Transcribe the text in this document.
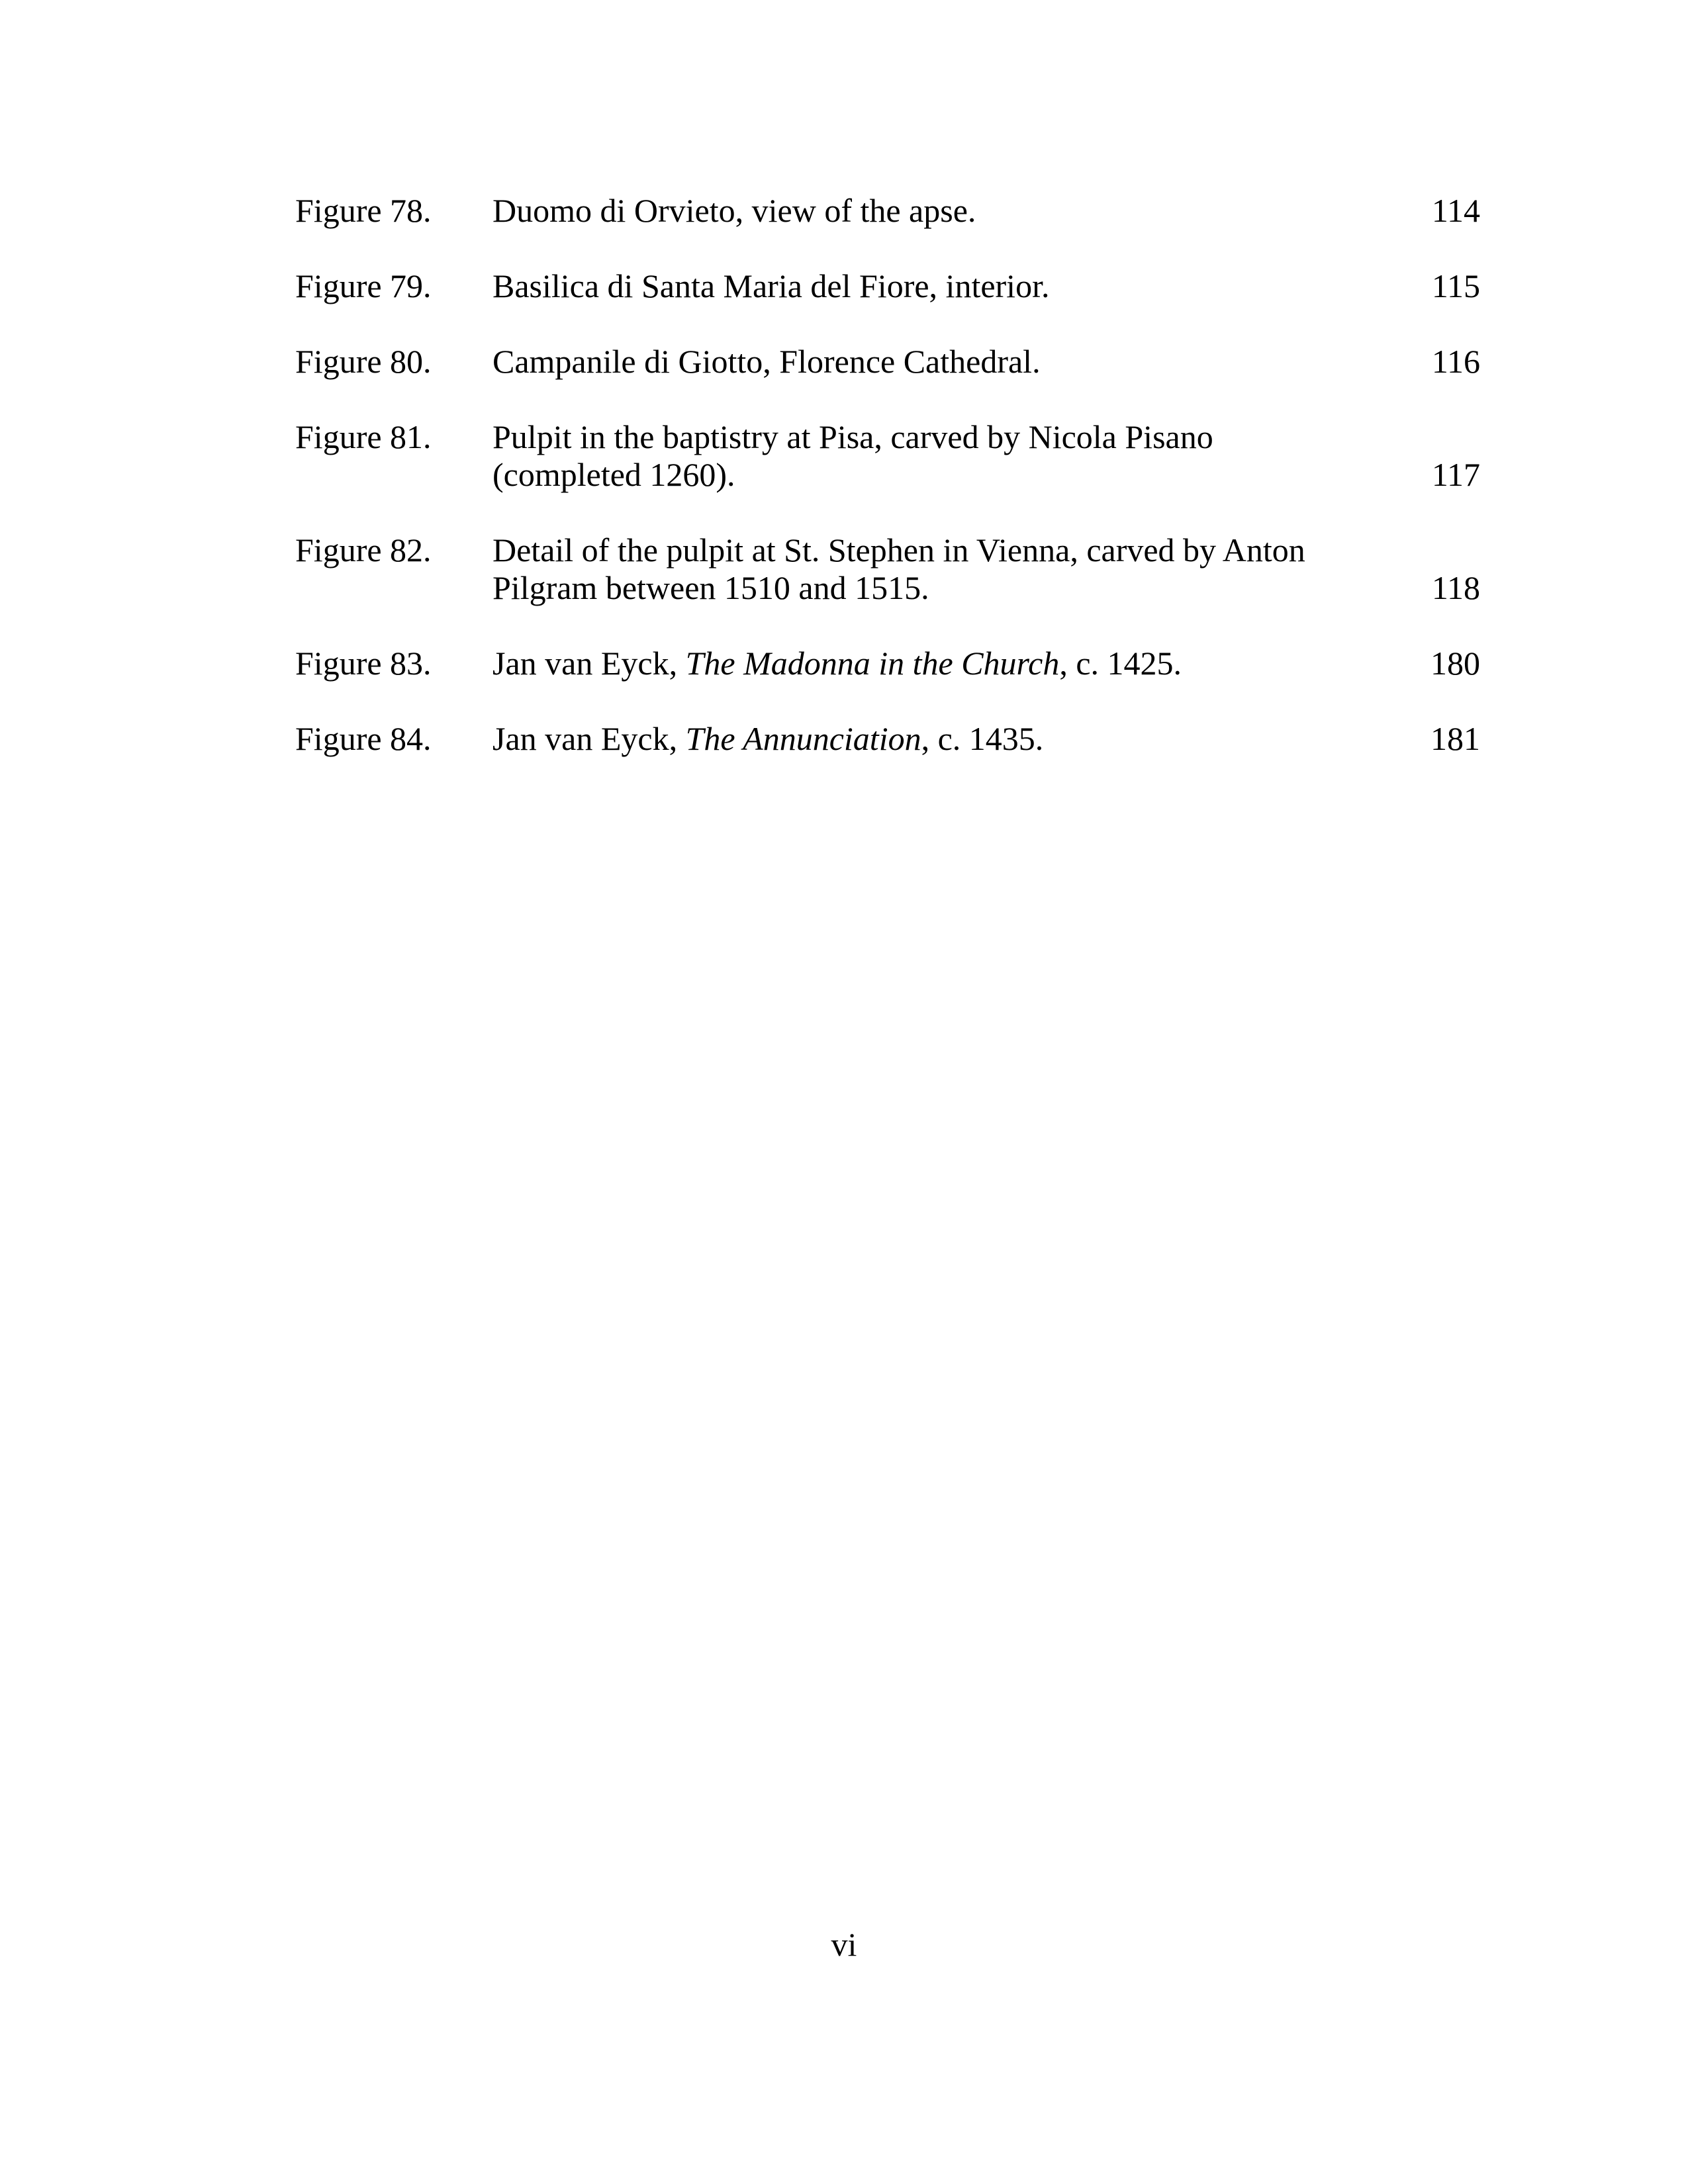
Figure 78. Duomo di Orvieto, view of the apse.	114
Figure 79. Basilica di Santa Maria del Fiore, interior.	115
Figure 80. Campanile di Giotto, Florence Cathedral.	116
Figure 81. Pulpit in the baptistry at Pisa, carved by Nicola Pisano
(completed 1260).	117
Figure 82. Detail of the pulpit at St. Stephen in Vienna, carved by Anton
Pilgram between 1510 and 1515.	118
Figure 83. Jan van Eyck, The Madonna in the Church, c. 1425.	180
Figure 84. Jan van Eyck, The Annunciation, c. 1435.	181
vi
